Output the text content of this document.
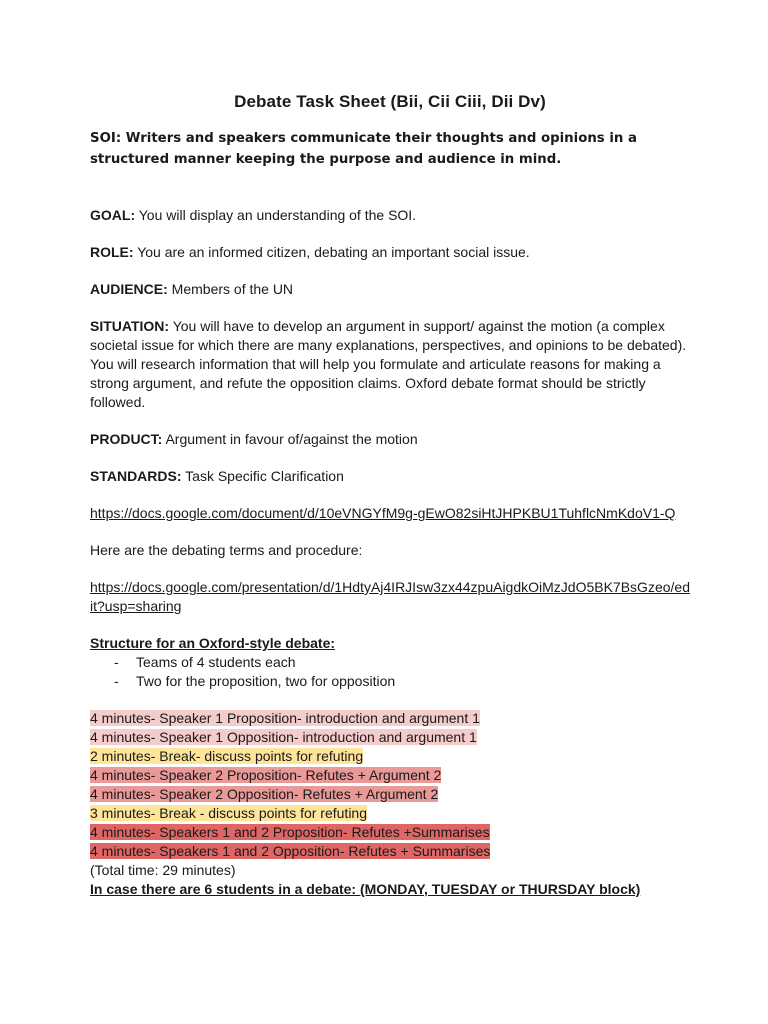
Debate Task Sheet (Bii, Cii Ciii, Dii Dv)
SOI: Writers and speakers communicate their thoughts and opinions in a structured manner keeping the purpose and audience in mind.
GOAL: You will display an understanding of the SOI.
ROLE: You are an informed citizen, debating an important social issue.
AUDIENCE: Members of the UN
SITUATION: You will have to develop an argument in support/ against the motion (a complex societal issue for which there are many explanations, perspectives, and opinions to be debated). You will research information that will help you formulate and articulate reasons for making a strong argument, and refute the opposition claims. Oxford debate format should be strictly followed.
PRODUCT: Argument in favour of/against the motion
STANDARDS: Task Specific Clarification
https://docs.google.com/document/d/10eVNGYfM9g-gEwO82siHtJHPKBU1TuhflcNmKdoV1-Q
Here are the debating terms and procedure:
https://docs.google.com/presentation/d/1HdtyAj4IRJIsw3zx44zpuAigdkOiMzJdO5BK7BsGzeo/edit?usp=sharing
Structure for an Oxford-style debate:
- Teams of 4 students each
- Two for the proposition, two for opposition
4 minutes- Speaker 1 Proposition- introduction and argument 1
4 minutes- Speaker 1 Opposition- introduction and argument 1
2 minutes- Break- discuss points for refuting
4 minutes- Speaker 2 Proposition- Refutes + Argument 2
4 minutes- Speaker 2 Opposition- Refutes + Argument 2
3 minutes- Break - discuss points for refuting
4 minutes- Speakers 1 and 2 Proposition- Refutes +Summarises
4 minutes- Speakers 1 and 2 Opposition- Refutes + Summarises
(Total time: 29 minutes)
In case there are 6 students in a debate: (MONDAY, TUESDAY or THURSDAY block)
